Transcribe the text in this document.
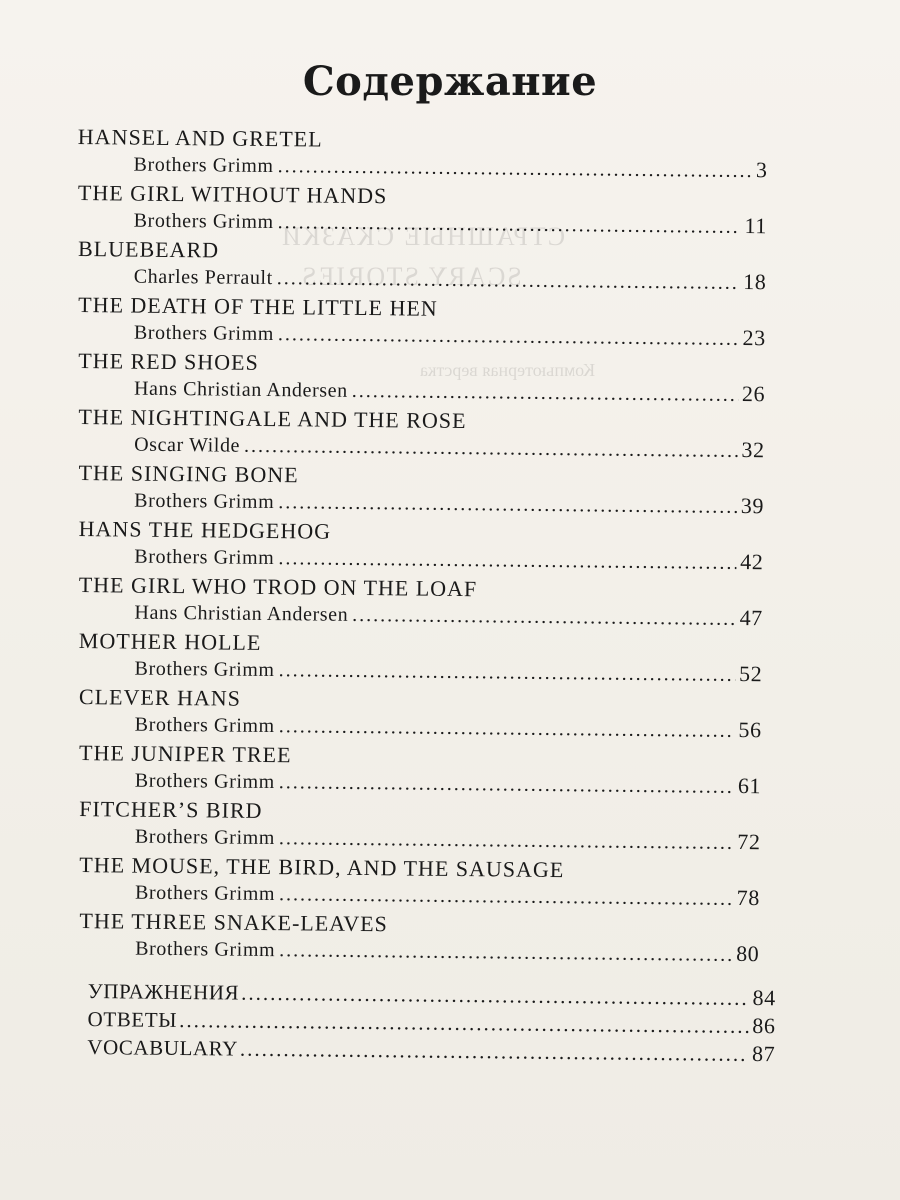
СТРАШНЫЕ СКАЗКИ
SCARY STORIES
Компьютерная верстка
Содержание
HANSEL AND GRETEL
Brothers Grimm .....	3
THE GIRL WITHOUT HANDS
Brothers Grimm .....	11
BLUEBEARD
Charles Perrault .....	18
THE DEATH OF THE LITTLE HEN
Brothers Grimm .....	23
THE RED SHOES
Hans Christian Andersen .....	26
THE NIGHTINGALE AND THE ROSE
Oscar Wilde .....	32
THE SINGING BONE
Brothers Grimm .....	39
HANS THE HEDGEHOG
Brothers Grimm .....	42
THE GIRL WHO TROD ON THE LOAF
Hans Christian Andersen .....	47
MOTHER HOLLE
Brothers Grimm .....	52
CLEVER HANS
Brothers Grimm .....	56
THE JUNIPER TREE
Brothers Grimm .....	61
FITCHER’S BIRD
Brothers Grimm .....	72
THE MOUSE, THE BIRD, AND THE SAUSAGE
Brothers Grimm .....	78
THE THREE SNAKE-LEAVES
Brothers Grimm .....	80
УПРАЖНЕНИЯ .....	84
ОТВЕТЫ .....	86
VOCABULARY .....	87
